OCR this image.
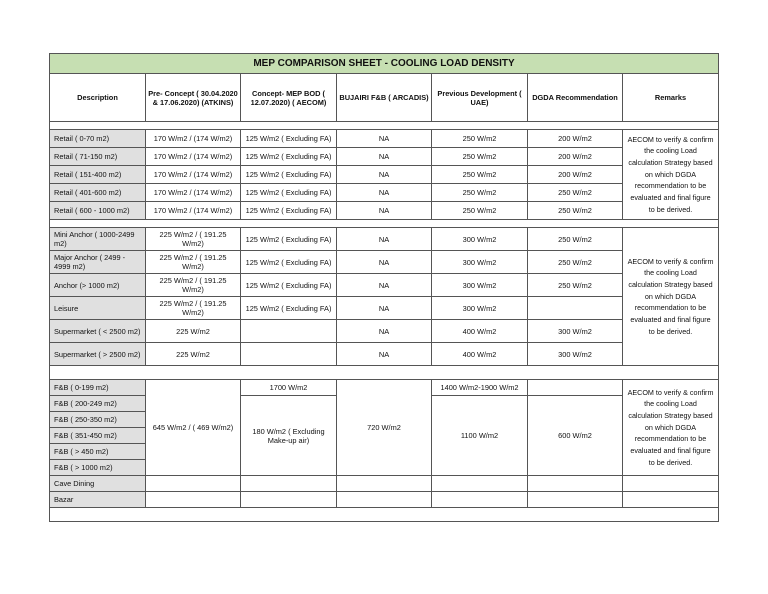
MEP COMPARISON SHEET - COOLING LOAD DENSITY						
Description	Pre- Concept ( 30.04.2020 & 17.06.2020) (ATKINS)	Concept- MEP BOD ( 12.07.2020) ( AECOM)	BUJAIRI F&B ( ARCADIS)	Previous Development ( UAE)	DGDA Recommendation	Remarks

Retail ( 0-70 m2)	170 W/m2 / (174 W/m2)	125 W/m2 ( Excluding FA)	NA	250 W/m2	200 W/m2	AECOM to verify & confirm the cooling Load calculation Strategy based on which DGDA recommendation to be evaluated and final figure to be derived.
Retail ( 71-150 m2)	170 W/m2 / (174 W/m2)	125 W/m2 ( Excluding FA)	NA	250 W/m2	200 W/m2	
Retail ( 151-400 m2)	170 W/m2 / (174 W/m2)	125 W/m2 ( Excluding FA)	NA	250 W/m2	200 W/m2	
Retail ( 401-600 m2)	170 W/m2 / (174 W/m2)	125 W/m2 ( Excluding FA)	NA	250 W/m2	250 W/m2	
Retail ( 600 - 1000 m2)	170 W/m2 / (174 W/m2)	125 W/m2 ( Excluding FA)	NA	250 W/m2	250 W/m2	

Mini Anchor ( 1000-2499 m2)	225 W/m2 / ( 191.25 W/m2)	125 W/m2 ( Excluding FA)	NA	300 W/m2	250 W/m2	AECOM to verify & confirm the cooling Load calculation Strategy based on which DGDA recommendation to be evaluated and final figure to be derived.
Major Anchor ( 2499 - 4999 m2)	225 W/m2 / ( 191.25 W/m2)	125 W/m2 ( Excluding FA)	NA	300 W/m2	250 W/m2	
Anchor (> 1000 m2)	225 W/m2 / ( 191.25 W/m2)	125 W/m2 ( Excluding FA)	NA	300 W/m2	250 W/m2	
Leisure	225 W/m2 / ( 191.25 W/m2)	125 W/m2 ( Excluding FA)	NA	300 W/m2		
Supermarket ( < 2500 m2)	225 W/m2		NA	400 W/m2	300 W/m2	
Supermarket ( > 2500 m2)	225 W/m2		NA	400 W/m2	300 W/m2	

F&B ( 0-199 m2)	645 W/m2 / ( 469 W/m2)	1700 W/m2	720 W/m2	1400 W/m2-1900 W/m2		AECOM to verify & confirm the cooling Load calculation Strategy based on which DGDA recommendation to be evaluated and final figure to be derived.
F&B ( 200-249 m2)		180 W/m2 ( Excluding Make-up air)		1100 W/m2	600 W/m2	
F&B ( 250-350 m2)						
F&B ( 351-450 m2)						
F&B ( > 450 m2)						
F&B ( > 1000 m2)						
Cave Dining						
Bazar						
